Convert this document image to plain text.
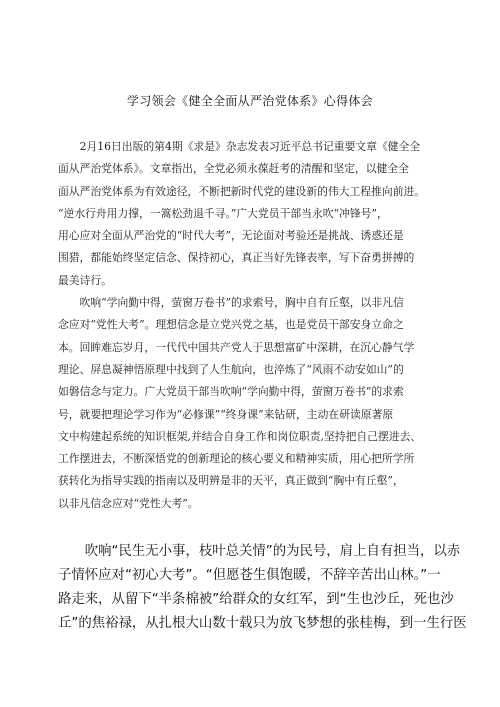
学习领会《健全全面从严治党体系》心得体会
　　2月16日出版的第4期《求是》杂志发表习近平总书记重要文章《健全全
面从严治党体系》。文章指出，全党必须永葆赶考的清醒和坚定，以健全全
面从严治党体系为有效途径，不断把新时代党的建设新的伟大工程推向前进。
“逆水行舟用力撑，一篙松劲退千寻。”广大党员干部当永吹“冲锋号”，
用心应对全面从严治党的“时代大考”，无论面对考验还是挑战、诱惑还是
围猎，都能始终坚定信念、保持初心，真正当好先锋表率，写下奋勇拼搏的
最美诗行。
　　吹响“学向勤中得，萤窗万卷书”的求索号，胸中自有丘壑，以非凡信
念应对“党性大考”。理想信念是立党兴党之基，也是党员干部安身立命之
本。回眸难忘岁月，一代代中国共产党人于思想富矿中深耕，在沉心静气学
理论、屏息凝神悟原理中找到了人生航向，也淬炼了“风雨不动安如山”的
如磐信念与定力。广大党员干部当吹响“学向勤中得，萤窗万卷书”的求索
号，就要把理论学习作为“必修课”“终身课”来钻研，主动在研读原著原
文中构建起系统的知识框架,并结合自身工作和岗位职责,坚持把自己摆进去、
工作摆进去，不断深悟党的创新理论的核心要义和精神实质，用心把所学所
获转化为指导实践的指南以及明辨是非的天平，真正做到“胸中有丘壑”，
以非凡信念应对“党性大考”。
　　吹响“民生无小事，枝叶总关情”的为民号，肩上自有担当，以赤
子情怀应对“初心大考”。“但愿苍生俱饱暖，不辞辛苦出山林。”一
路走来，从留下“半条棉被”给群众的女红军，到“生也沙丘，死也沙
丘”的焦裕禄，从扎根大山数十载只为放飞梦想的张桂梅，到一生行医
